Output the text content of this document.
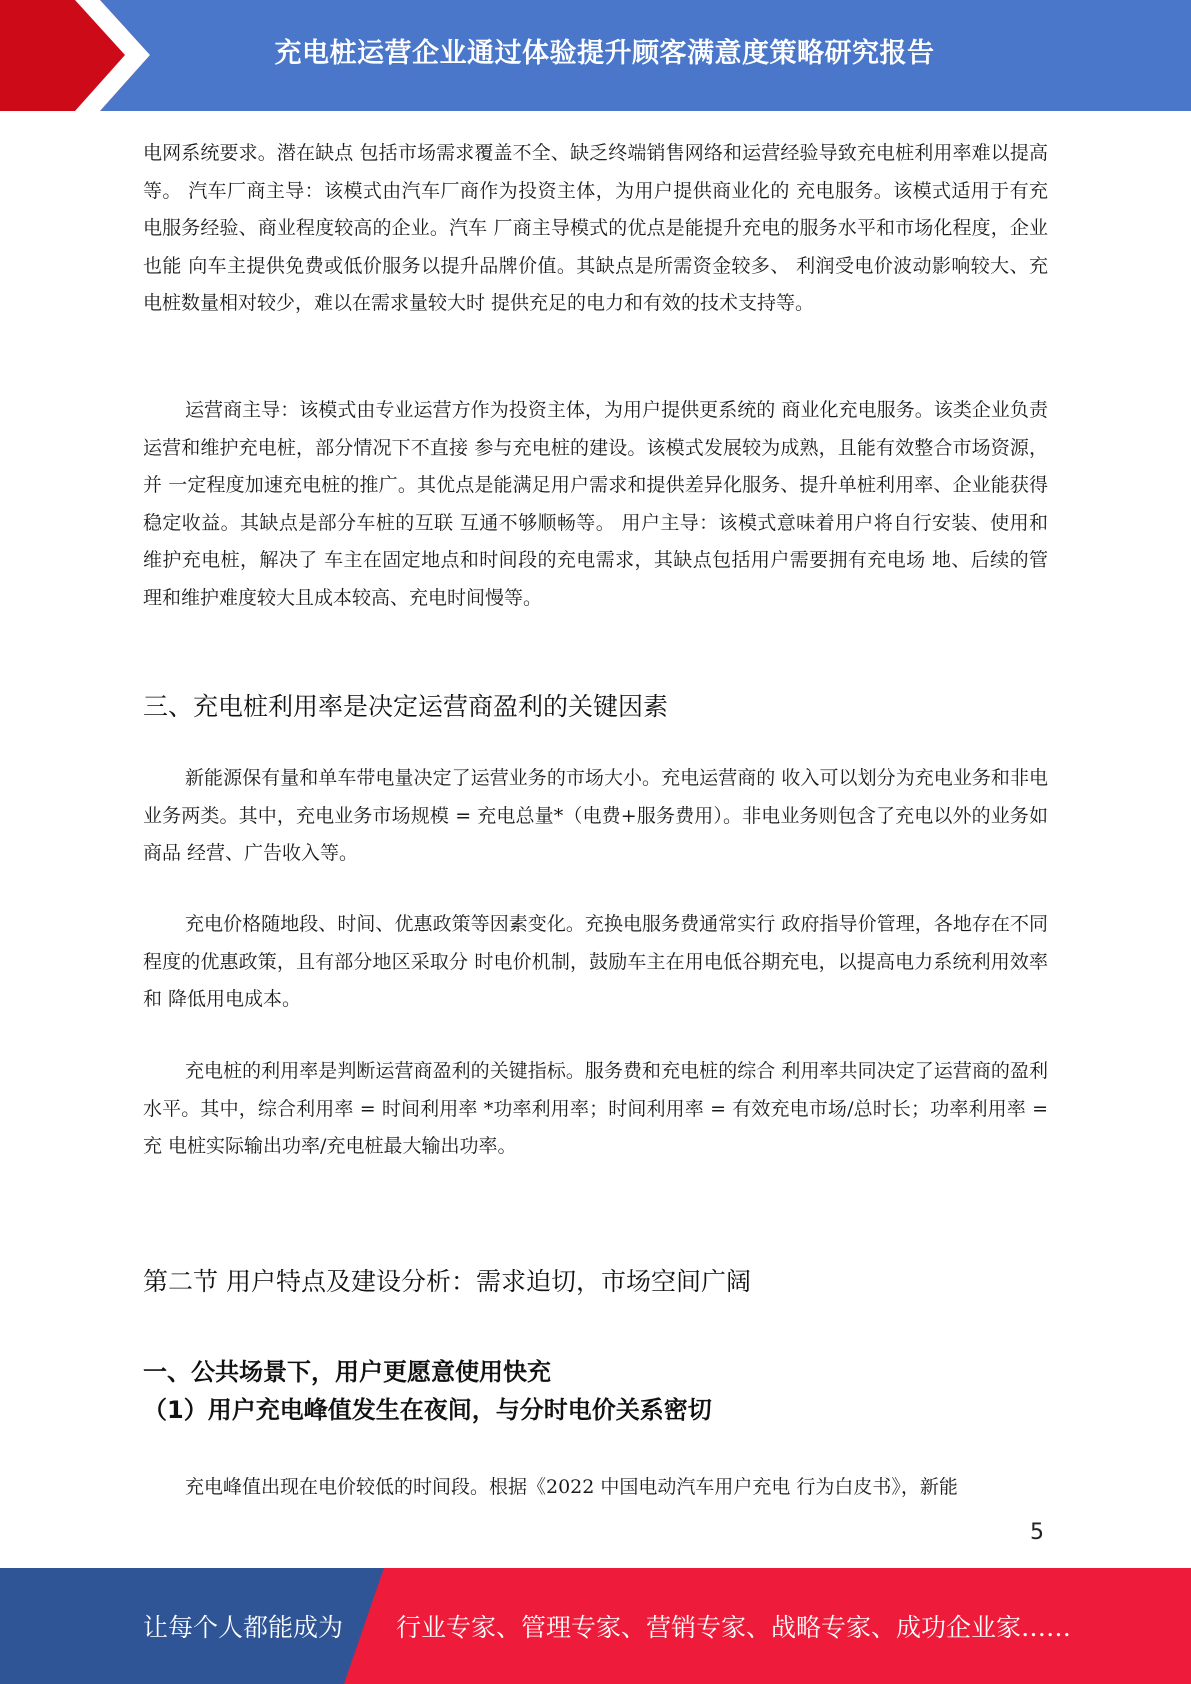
充电桩运营企业通过体验提升顾客满意度策略研究报告

电网系统要求。潜在缺点 包括市场需求覆盖不全、缺乏终端销售网络和运营经验导致充电桩利用率难以提高等。 汽车厂商主导：该模式由汽车厂商作为投资主体，为用户提供商业化的 充电服务。该模式适用于有充电服务经验、商业程度较高的企业。汽车 厂商主导模式的优点是能提升充电的服务水平和市场化程度，企业也能 向车主提供免费或低价服务以提升品牌价值。其缺点是所需资金较多、 利润受电价波动影响较大、充电桩数量相对较少，难以在需求量较大时 提供充足的电力和有效的技术支持等。

运营商主导：该模式由专业运营方作为投资主体，为用户提供更系统的 商业化充电服务。该类企业负责运营和维护充电桩，部分情况下不直接 参与充电桩的建设。该模式发展较为成熟，且能有效整合市场资源，并 一定程度加速充电桩的推广。其优点是能满足用户需求和提供差异化服务、提升单桩利用率、企业能获得稳定收益。其缺点是部分车桩的互联 互通不够顺畅等。 用户主导：该模式意味着用户将自行安装、使用和维护充电桩，解决了 车主在固定地点和时间段的充电需求，其缺点包括用户需要拥有充电场 地、后续的管理和维护难度较大且成本较高、充电时间慢等。

三、充电桩利用率是决定运营商盈利的关键因素

新能源保有量和单车带电量决定了运营业务的市场大小。充电运营商的 收入可以划分为充电业务和非电业务两类。其中，充电业务市场规模 = 充电总量*（电费+服务费用）。非电业务则包含了充电以外的业务如商品 经营、广告收入等。

充电价格随地段、时间、优惠政策等因素变化。充换电服务费通常实行 政府指导价管理，各地存在不同程度的优惠政策，且有部分地区采取分 时电价机制，鼓励车主在用电低谷期充电，以提高电力系统利用效率和 降低用电成本。

充电桩的利用率是判断运营商盈利的关键指标。服务费和充电桩的综合 利用率共同决定了运营商的盈利水平。其中，综合利用率 = 时间利用率 *功率利用率；时间利用率 = 有效充电市场/总时长；功率利用率 = 充 电桩实际输出功率/充电桩最大输出功率。

第二节 用户特点及建设分析：需求迫切，市场空间广阔
一、公共场景下，用户更愿意使用快充
（1）用户充电峰值发生在夜间，与分时电价关系密切

充电峰值出现在电价较低的时间段。根据《2022 中国电动汽车用户充电 行为白皮书》，新能

5
让每个人都能成为 行业专家、管理专家、营销专家、战略专家、成功企业家……
